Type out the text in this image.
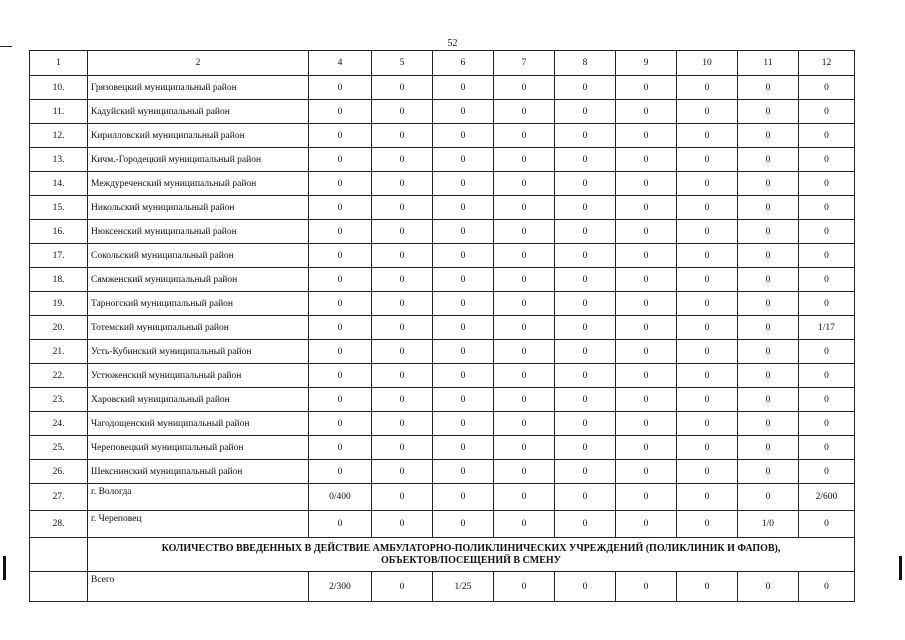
52
1	2	4	5	6	7	8	9	10	11	12
10.	Грязовецкий муниципальный район	0	0	0	0	0	0	0	0	0
11.	Кадуйский муниципальный район	0	0	0	0	0	0	0	0	0
12.	Кирилловский муниципальный район	0	0	0	0	0	0	0	0	0
13.	Кичм.-Городецкий муниципальный район	0	0	0	0	0	0	0	0	0
14.	Междуреченский муниципальный район	0	0	0	0	0	0	0	0	0
15.	Никольский муниципальный район	0	0	0	0	0	0	0	0	0
16.	Нюксенский муниципальный район	0	0	0	0	0	0	0	0	0
17.	Сокольский муниципальный район	0	0	0	0	0	0	0	0	0
18.	Сямженский муниципальный район	0	0	0	0	0	0	0	0	0
19.	Тарногский муниципальный район	0	0	0	0	0	0	0	0	0
20.	Тотемский муниципальный район	0	0	0	0	0	0	0	0	1/17
21.	Усть-Кубинский муниципальный район	0	0	0	0	0	0	0	0	0
22.	Устюженский муниципальный район	0	0	0	0	0	0	0	0	0
23.	Харовский муниципальный район	0	0	0	0	0	0	0	0	0
24.	Чагодощенский муниципальный район	0	0	0	0	0	0	0	0	0
25.	Череповецкий муниципальный район	0	0	0	0	0	0	0	0	0
26.	Шекснинский муниципальный район	0	0	0	0	0	0	0	0	0
27.	г. Вологда	0/400	0	0	0	0	0	0	0	2/600
28.	г. Череповец	0	0	0	0	0	0	0	1/0	0

	КОЛИЧЕСТВО ВВЕДЕННЫХ В ДЕЙСТВИЕ АМБУЛАТОРНО-ПОЛИКЛИНИЧЕСКИХ УЧРЕЖДЕНИЙ (ПОЛИКЛИНИК И ФАПОВ),
ОБЪЕКТОВ/ПОСЕЩЕНИЙ В СМЕНУ									

	Всего	2/300	0	1/25	0	0	0	0	0	0
